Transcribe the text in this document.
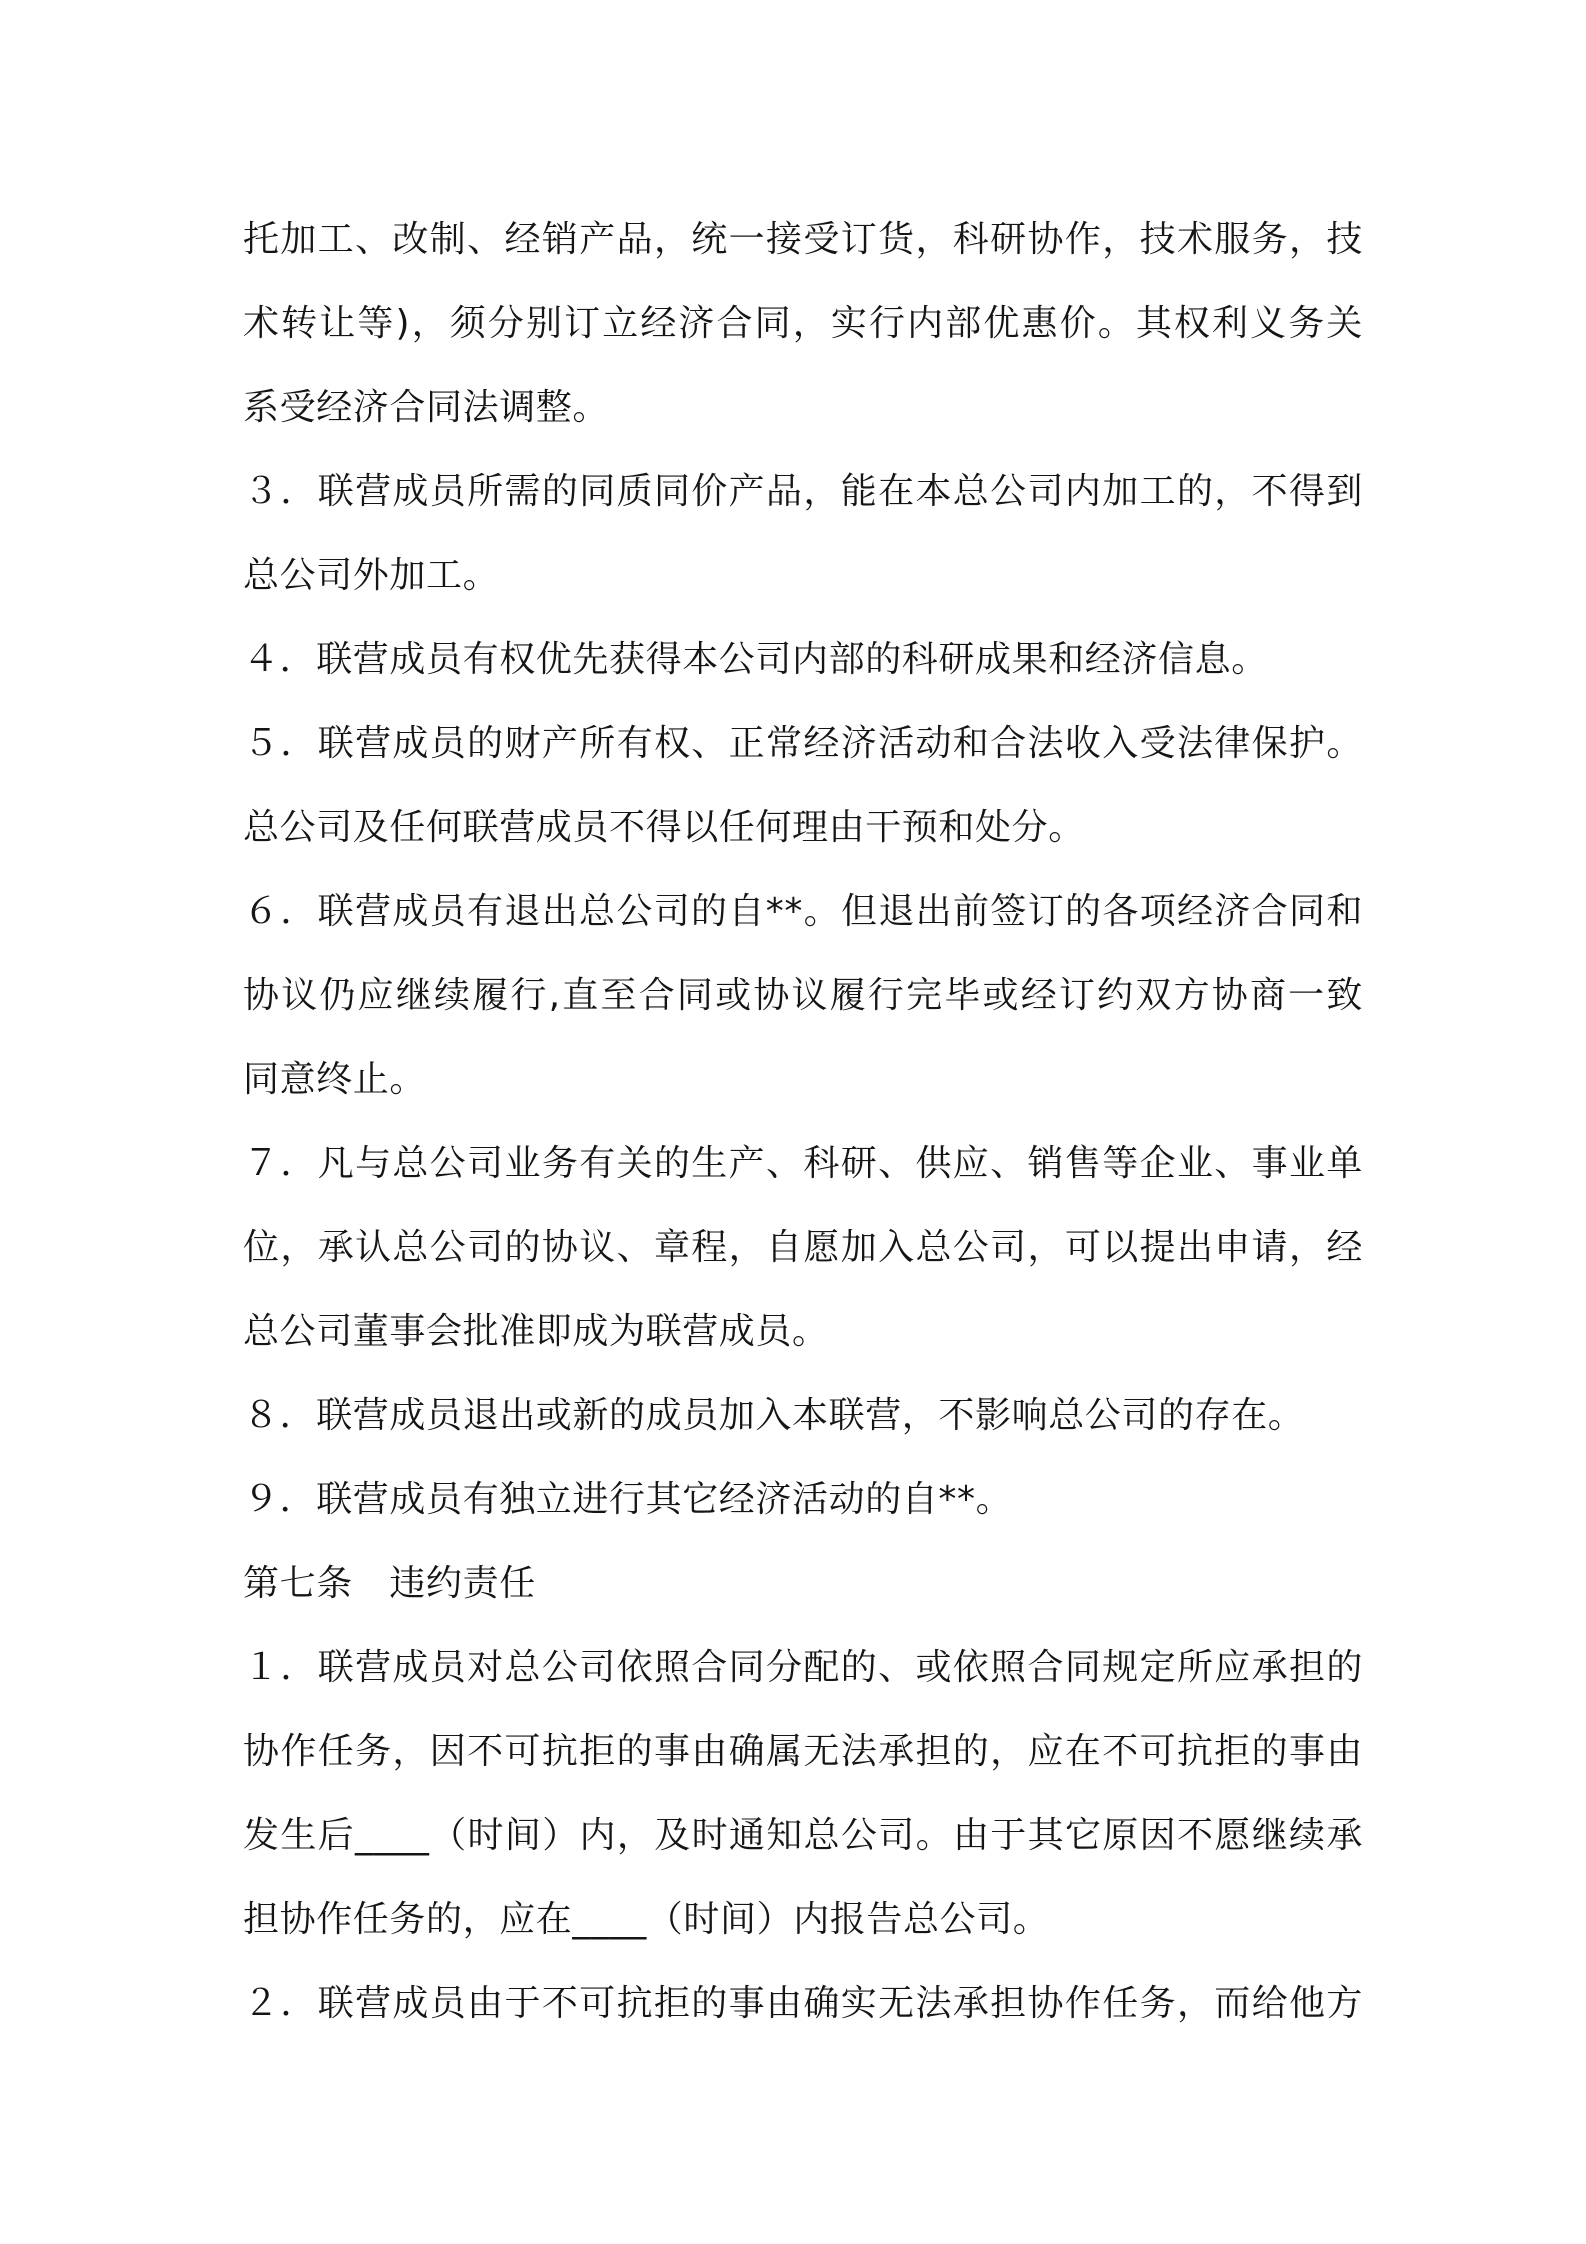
托加工、改制、经销产品，统一接受订货，科研协作，技术服务，技
术转让等)，须分别订立经济合同，实行内部优惠价。其权利义务关
系受经济合同法调整。
３．联营成员所需的同质同价产品，能在本总公司内加工的，不得到
总公司外加工。
４．联营成员有权优先获得本公司内部的科研成果和经济信息。
５．联营成员的财产所有权、正常经济活动和合法收入受法律保护。
总公司及任何联营成员不得以任何理由干预和处分。
６．联营成员有退出总公司的自**。但退出前签订的各项经济合同和
协议仍应继续履行,直至合同或协议履行完毕或经订约双方协商一致
同意终止。
７．凡与总公司业务有关的生产、科研、供应、销售等企业、事业单
位，承认总公司的协议、章程，自愿加入总公司，可以提出申请，经
总公司董事会批准即成为联营成员。
８．联营成员退出或新的成员加入本联营，不影响总公司的存在。
９．联营成员有独立进行其它经济活动的自**。
第七条　违约责任
１．联营成员对总公司依照合同分配的、或依照合同规定所应承担的
协作任务，因不可抗拒的事由确属无法承担的，应在不可抗拒的事由
发生后____（时间）内，及时通知总公司。由于其它原因不愿继续承
担协作任务的，应在____（时间）内报告总公司。
２．联营成员由于不可抗拒的事由确实无法承担协作任务，而给他方
